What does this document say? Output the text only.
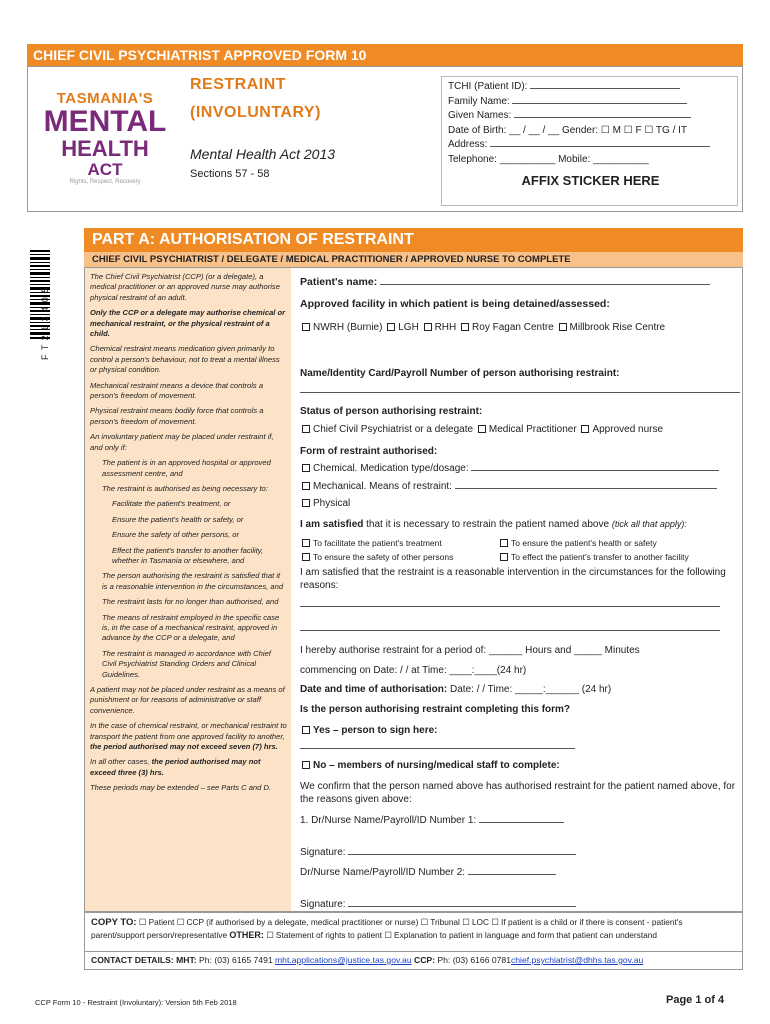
CHIEF CIVIL PSYCHIATRIST APPROVED FORM 10
TASMANIA'S
MENTAL
HEALTH
ACT
Rights, Respect, Recovery
RESTRAINT
(INVOLUNTARY)
Mental Health Act 2013
Sections 57 - 58
TCHI (Patient ID):
Family Name:
Given Names:
Date of Birth: __ / __ / __ Gender: ☐ M ☐ F ☐ TG / IT
Address:
Telephone: __________ Mobile: __________
AFFIX STICKER HERE
F T 2 1 3 4 0 5
PART A: AUTHORISATION OF RESTRAINT
CHIEF CIVIL PSYCHIATRIST / DELEGATE / MEDICAL PRACTITIONER / APPROVED NURSE TO COMPLETE

The Chief Civil Psychiatrist (CCP) (or a delegate), a medical practitioner or an approved nurse may authorise physical restraint of an adult.

Only the CCP or a delegate may authorise chemical or mechanical restraint, or the physical restraint of a child.

Chemical restraint means medication given primarily to control a person's behaviour, not to treat a mental illness or physical condition.

Mechanical restraint means a device that controls a person's freedom of movement.

Physical restraint means bodily force that controls a person's freedom of movement.

An involuntary patient may be placed under restraint if, and only if:

The patient is in an approved hospital or approved assessment centre, and

The restraint is authorised as being necessary to:

Facilitate the patient's treatment, or

Ensure the patient's health or safety, or

Ensure the safety of other persons, or

Effect the patient's transfer to another facility, whether in Tasmania or elsewhere, and

The person authorising the restraint is satisfied that it is a reasonable intervention in the circumstances, and

The restraint lasts for no longer than authorised, and

The means of restraint employed in the specific case is, in the case of a mechanical restraint, approved in advance by the CCP or a delegate, and

The restraint is managed in accordance with Chief Civil Psychiatrist Standing Orders and Clinical Guidelines.

A patient may not be placed under restraint as a means of punishment or for reasons of administrative or staff convenience.

In the case of chemical restraint, or mechanical restraint to transport the patient from one approved facility to another, the period authorised may not exceed seven (7) hrs.

In all other cases, the period authorised may not exceed three (3) hrs.

These periods may be extended – see Parts C and D.

Patient's name:
Approved facility in which patient is being detained/assessed:
NWRH (Burnie) LGH RHH Roy Fagan Centre Millbrook Rise Centre
Name/Identity Card/Payroll Number of person authorising restraint:
Status of person authorising restraint:
Chief Civil Psychiatrist or a delegate Medical Practitioner Approved nurse
Form of restraint authorised:
Chemical. Medication type/dosage:
Mechanical. Means of restraint:
Physical
I am satisfied that it is necessary to restrain the patient named above (tick all that apply):
To facilitate the patient's treatment	To ensure the patient's health or safety
To ensure the safety of other persons	To effect the patient's transfer to another facility
I am satisfied that the restraint is a reasonable intervention in the circumstances for the following reasons:
I hereby authorise restraint for a period of: ______ Hours and _____ Minutes
commencing on Date: / / at Time: ____:____(24 hr)
Date and time of authorisation: Date: / / Time: _____:______ (24 hr)
Is the person authorising restraint completing this form?
Yes – person to sign here:
No – members of nursing/medical staff to complete:
We confirm that the person named above has authorised restraint for the patient named above, for the reasons given above:
1. Dr/Nurse Name/Payroll/ID Number 1:
Signature:
Dr/Nurse Name/Payroll/ID Number 2:
Signature:
COPY TO: ☐ Patient ☐ CCP (if authorised by a delegate, medical practitioner or nurse) ☐ Tribunal ☐ LOC ☐ If patient is a child or if there is consent - patient's parent/support person/representative OTHER: ☐ Statement of rights to patient ☐ Explanation to patient in language and form that patient can understand
CONTACT DETAILS: MHT: Ph: (03) 6165 7491 mht.applications@justice.tas.gov.au CCP: Ph: (03) 6166 0781chief.psychiatrist@dhhs.tas.gov.au
CCP Form 10 - Restraint (Involuntary): Version 5th Feb 2018	Page 1 of 4
